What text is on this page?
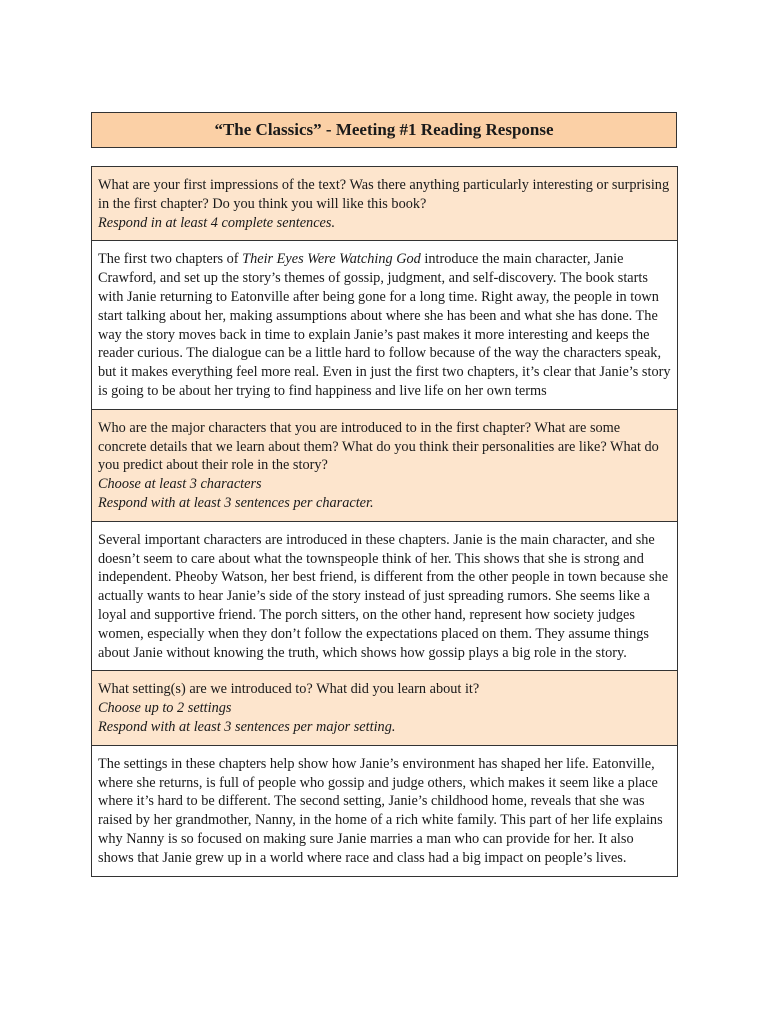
“The Classics” - Meeting #1 Reading Response
What are your first impressions of the text? Was there anything particularly interesting or surprising in the first chapter? Do you think you will like this book?
Respond in at least 4 complete sentences.

The first two chapters of Their Eyes Were Watching God introduce the main character, Janie Crawford, and set up the story’s themes of gossip, judgment, and self-discovery. The book starts with Janie returning to Eatonville after being gone for a long time. Right away, the people in town start talking about her, making assumptions about where she has been and what she has done. The way the story moves back in time to explain Janie’s past makes it more interesting and keeps the reader curious. The dialogue can be a little hard to follow because of the way the characters speak, but it makes everything feel more real. Even in just the first two chapters, it’s clear that Janie’s story is going to be about her trying to find happiness and live life on her own terms

Who are the major characters that you are introduced to in the first chapter? What are some concrete details that we learn about them? What do you think their personalities are like? What do you predict about their role in the story?
Choose at least 3 characters
Respond with at least 3 sentences per character.

Several important characters are introduced in these chapters. Janie is the main character, and she doesn’t seem to care about what the townspeople think of her. This shows that she is strong and independent. Pheoby Watson, her best friend, is different from the other people in town because she actually wants to hear Janie’s side of the story instead of just spreading rumors. She seems like a loyal and supportive friend. The porch sitters, on the other hand, represent how society judges women, especially when they don’t follow the expectations placed on them. They assume things about Janie without knowing the truth, which shows how gossip plays a big role in the story.

What setting(s) are we introduced to? What did you learn about it?
Choose up to 2 settings
Respond with at least 3 sentences per major setting.

The settings in these chapters help show how Janie’s environment has shaped her life. Eatonville, where she returns, is full of people who gossip and judge others, which makes it seem like a place where it’s hard to be different. The second setting, Janie’s childhood home, reveals that she was raised by her grandmother, Nanny, in the home of a rich white family. This part of her life explains why Nanny is so focused on making sure Janie marries a man who can provide for her. It also shows that Janie grew up in a world where race and class had a big impact on people’s lives.
